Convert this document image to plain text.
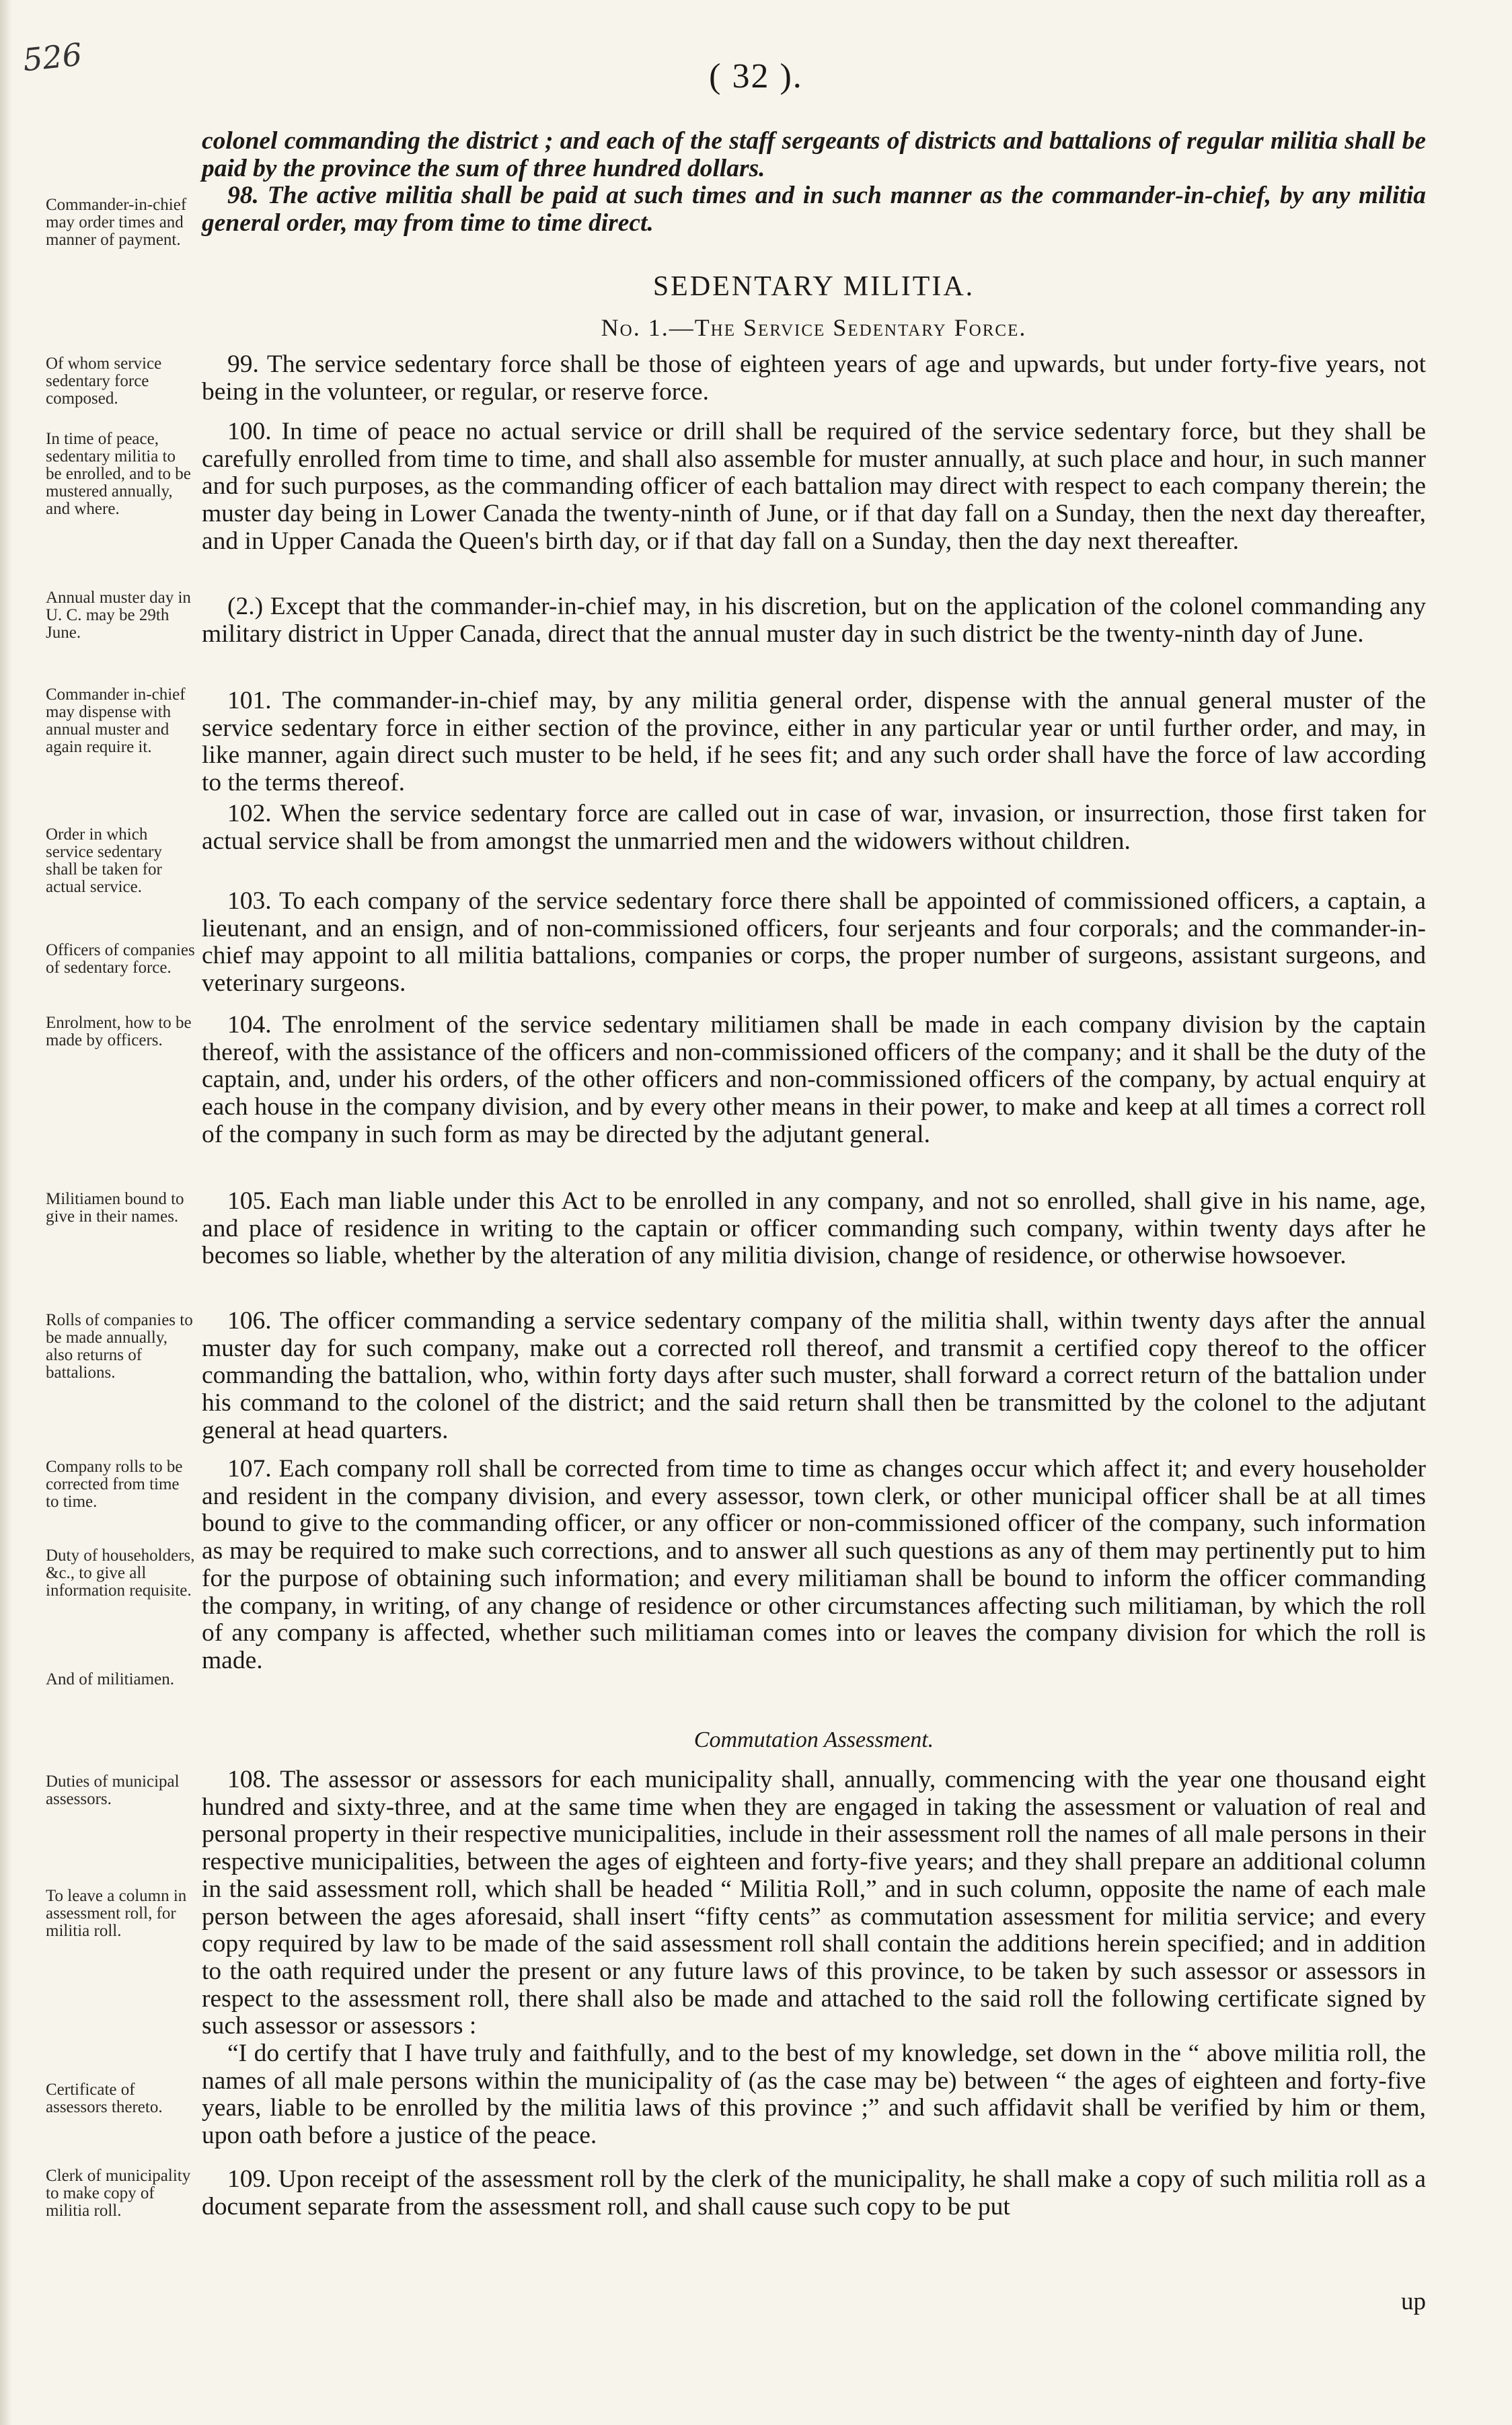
526	( 32 ).

colonel commanding the district ; and each of the staff sergeants of districts and battalions of regular militia shall be paid by the province the sum of three hundred dollars.

98. The active militia shall be paid at such times and in such manner as the commander-in-chief, by any militia general order, may from time to time direct.

Commander-in-chief may order times and manner of payment.
SEDENTARY MILITIA.
No. 1.—The Service Sedentary Force.
Of whom service sedentary force composed.

99. The service sedentary force shall be those of eighteen years of age and upwards, but under forty-five years, not being in the volunteer, or regular, or reserve force.

In time of peace, sedentary militia to be enrolled, and to be mustered annually, and where.

100. In time of peace no actual service or drill shall be required of the service sedentary force, but they shall be carefully enrolled from time to time, and shall also assemble for muster annually, at such place and hour, in such manner and for such purposes, as the commanding officer of each battalion may direct with respect to each company therein; the muster day being in Lower Canada the twenty-ninth of June, or if that day fall on a Sunday, then the next day thereafter, and in Upper Canada the Queen's birth day, or if that day fall on a Sunday, then the day next thereafter.

Annual muster day in U. C. may be 29th June.

(2.) Except that the commander-in-chief may, in his discretion, but on the application of the colonel commanding any military district in Upper Canada, direct that the annual muster day in such district be the twenty-ninth day of June.

Commander in-chief may dispense with annual muster and again require it.

101. The commander-in-chief may, by any militia general order, dispense with the annual general muster of the service sedentary force in either section of the province, either in any particular year or until further order, and may, in like manner, again direct such muster to be held, if he sees fit; and any such order shall have the force of law according to the terms thereof.

Order in which service sedentary shall be taken for actual service.

102. When the service sedentary force are called out in case of war, invasion, or insurrection, those first taken for actual service shall be from amongst the unmarried men and the widowers without children.

Officers of companies of sedentary force.

103. To each company of the service sedentary force there shall be appointed of commissioned officers, a captain, a lieutenant, and an ensign, and of non-commissioned officers, four serjeants and four corporals; and the commander-in-chief may appoint to all militia battalions, companies or corps, the proper number of surgeons, assistant surgeons, and veterinary surgeons.

Enrolment, how to be made by officers.

104. The enrolment of the service sedentary militiamen shall be made in each company division by the captain thereof, with the assistance of the officers and non-commissioned officers of the company; and it shall be the duty of the captain, and, under his orders, of the other officers and non-commissioned officers of the company, by actual enquiry at each house in the company division, and by every other means in their power, to make and keep at all times a correct roll of the company in such form as may be directed by the adjutant general.

Militiamen bound to give in their names.

105. Each man liable under this Act to be enrolled in any company, and not so enrolled, shall give in his name, age, and place of residence in writing to the captain or officer commanding such company, within twenty days after he becomes so liable, whether by the alteration of any militia division, change of residence, or otherwise howsoever.

Rolls of companies to be made annually, also returns of battalions.

106. The officer commanding a service sedentary company of the militia shall, within twenty days after the annual muster day for such company, make out a corrected roll thereof, and transmit a certified copy thereof to the officer commanding the battalion, who, within forty days after such muster, shall forward a correct return of the battalion under his command to the colonel of the district; and the said return shall then be transmitted by the colonel to the adjutant general at head quarters.

Company rolls to be corrected from time to time.
Duty of householders, &c., to give all information requisite.
And of militiamen.

107. Each company roll shall be corrected from time to time as changes occur which affect it; and every householder and resident in the company division, and every assessor, town clerk, or other municipal officer shall be at all times bound to give to the commanding officer, or any officer or non-commissioned officer of the company, such information as may be required to make such corrections, and to answer all such questions as any of them may pertinently put to him for the purpose of obtaining such information; and every militiaman shall be bound to inform the officer commanding the company, in writing, of any change of residence or other circumstances affecting such militiaman, by which the roll of any company is affected, whether such militiaman comes into or leaves the company division for which the roll is made.

Commutation Assessment.
Duties of municipal assessors.
To leave a column in assessment roll, for militia roll.

108. The assessor or assessors for each municipality shall, annually, commencing with the year one thousand eight hundred and sixty-three, and at the same time when they are engaged in taking the assessment or valuation of real and personal property in their respective municipalities, include in their assessment roll the names of all male persons in their respective municipalities, between the ages of eighteen and forty-five years; and they shall prepare an additional column in the said assessment roll, which shall be headed “ Militia Roll,” and in such column, opposite the name of each male person between the ages aforesaid, shall insert “fifty cents” as commutation assessment for militia service; and every copy required by law to be made of the said assessment roll shall contain the additions herein specified; and in addition to the oath required under the present or any future laws of this province, to be taken by such assessor or assessors in respect to the assessment roll, there shall also be made and attached to the said roll the following certificate signed by such assessor or assessors :

“I do certify that I have truly and faithfully, and to the best of my knowledge, set down in the “ above militia roll, the names of all male persons within the municipality of (as the case may be) between “ the ages of eighteen and forty-five years, liable to be enrolled by the militia laws of this province ;” and such affidavit shall be verified by him or them, upon oath before a justice of the peace.

Certificate of assessors thereto.
Clerk of municipality to make copy of militia roll.

109. Upon receipt of the assessment roll by the clerk of the municipality, he shall make a copy of such militia roll as a document separate from the assessment roll, and shall cause such copy to be put

up
